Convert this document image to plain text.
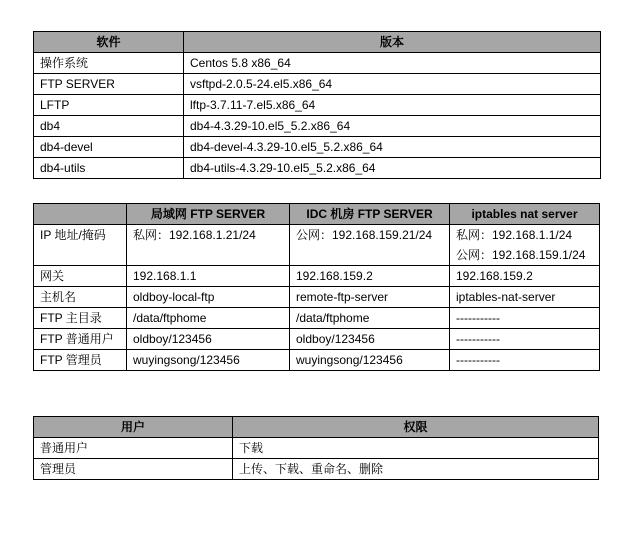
软件	版本
操作系统	Centos 5.8 x86_64
FTP SERVER	vsftpd-2.0.5-24.el5.x86_64
LFTP	lftp-3.7.11-7.el5.x86_64
db4	db4-4.3.29-10.el5_5.2.x86_64
db4-devel	db4-devel-4.3.29-10.el5_5.2.x86_64
db4-utils	db4-utils-4.3.29-10.el5_5.2.x86_64
	局域网 FTP SERVER	IDC 机房 FTP SERVER	iptables nat server
IP 地址/掩码	私网：192.168.1.21/24	公网：192.168.159.21/24	私网：192.168.1.1/24
公网：192.168.159.1/24

网关	192.168.1.1	192.168.159.2	192.168.159.2
主机名	oldboy-local-ftp	remote-ftp-server	iptables-nat-server
FTP 主目录	/data/ftphome	/data/ftphome	-----------
FTP 普通用户	oldboy/123456	oldboy/123456	-----------
FTP 管理员	wuyingsong/123456	wuyingsong/123456	-----------
用户	权限
普通用户	下载
管理员	上传、下载、重命名、删除
